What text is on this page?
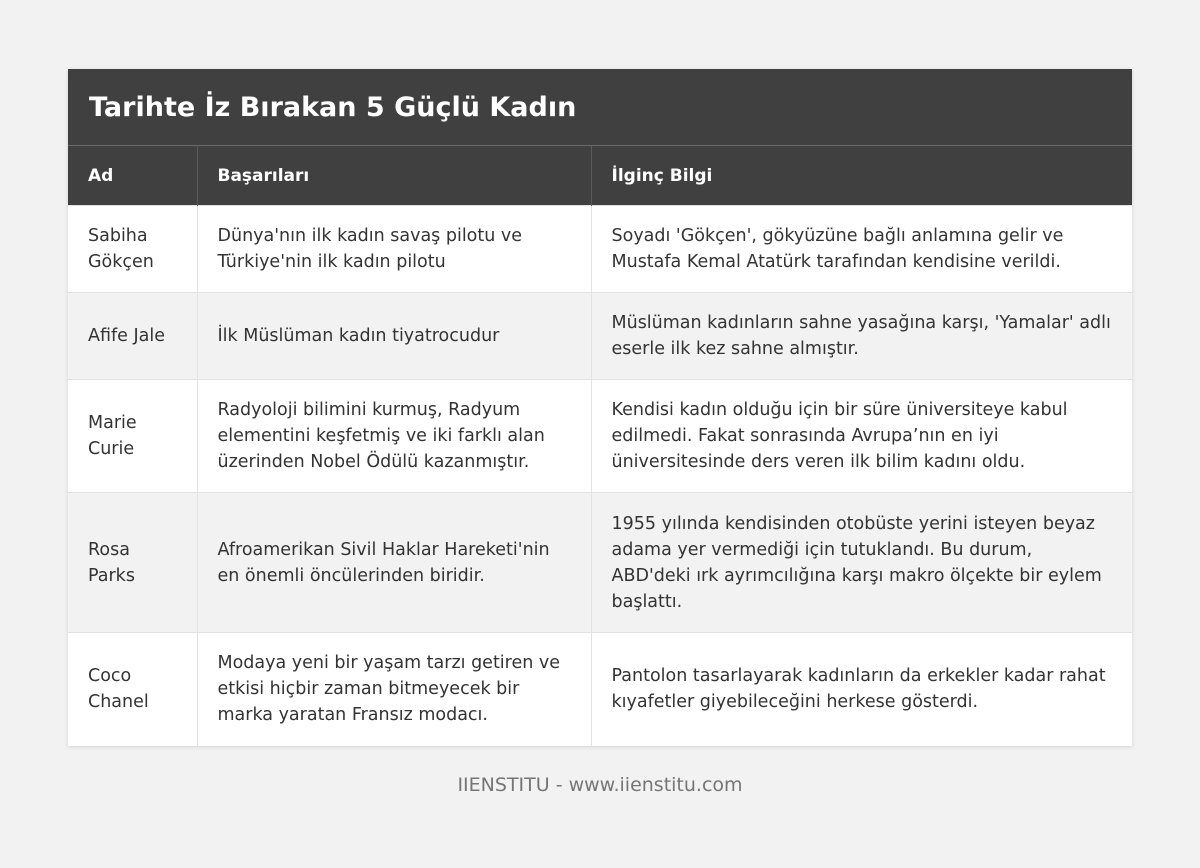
Tarihte İz Bırakan 5 Güçlü Kadın
Ad	Başarıları	İlginç Bilgi
Sabiha Gökçen	Dünya'nın ilk kadın savaş pilotu ve Türkiye'nin ilk kadın pilotu	Soyadı 'Gökçen', gökyüzüne bağlı anlamına gelir ve Mustafa Kemal Atatürk tarafından kendisine verildi.
Afife Jale	İlk Müslüman kadın tiyatrocudur	Müslüman kadınların sahne yasağına karşı, 'Yamalar' adlı eserle ilk kez sahne almıştır.
Marie Curie	Radyoloji bilimini kurmuş, Radyum elementini keşfetmiş ve iki farklı alan üzerinden Nobel Ödülü kazanmıştır.	Kendisi kadın olduğu için bir süre üniversiteye kabul edilmedi. Fakat sonrasında Avrupa’nın en iyi üniversitesinde ders veren ilk bilim kadını oldu.
Rosa Parks	Afroamerikan Sivil Haklar Hareketi'nin en önemli öncülerinden biridir.	1955 yılında kendisinden otobüste yerini isteyen beyaz adama yer vermediği için tutuklandı. Bu durum, ABD'deki ırk ayrımcılığına karşı makro ölçekte bir eylem başlattı.
Coco Chanel	Modaya yeni bir yaşam tarzı getiren ve etkisi hiçbir zaman bitmeyecek bir marka yaratan Fransız modacı.	Pantolon tasarlayarak kadınların da erkekler kadar rahat kıyafetler giyebileceğini herkese gösterdi.
IIENSTITU - www.iienstitu.com
